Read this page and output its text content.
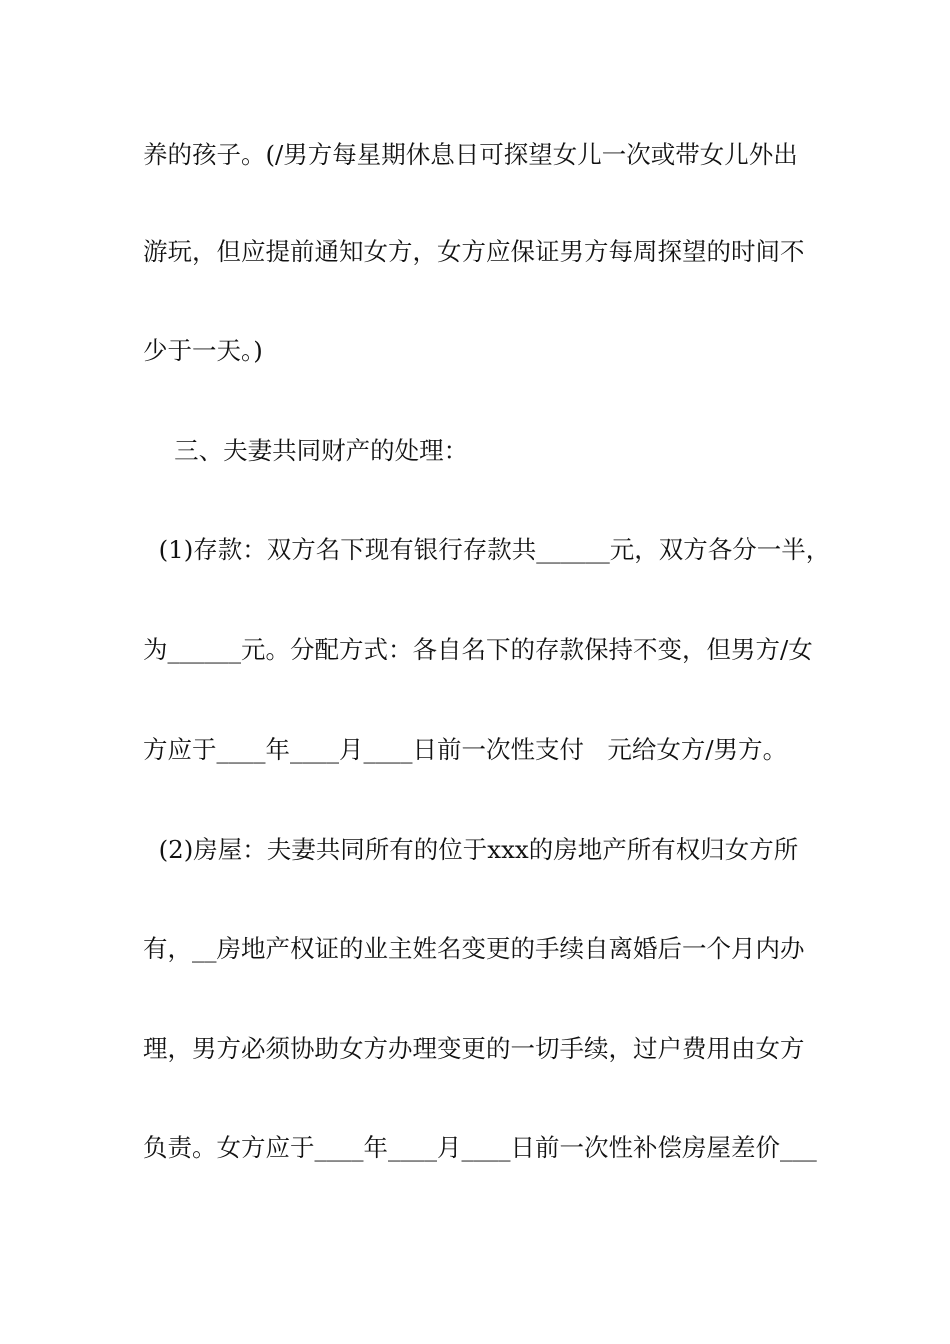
养的孩子。(/男方每星期休息日可探望女儿一次或带女儿外出
游玩，但应提前通知女方，女方应保证男方每周探望的时间不
少于一天。)
三、夫妻共同财产的处理：
(1)存款：双方名下现有银行存款共______元，双方各分一半，
为______元。分配方式：各自名下的存款保持不变，但男方/女
方应于____年____月____日前一次性支付   元给女方/男方。
(2)房屋：夫妻共同所有的位于xxx的房地产所有权归女方所
有，__房地产权证的业主姓名变更的手续自离婚后一个月内办
理，男方必须协助女方办理变更的一切手续，过户费用由女方
负责。女方应于____年____月____日前一次性补偿房屋差价___
